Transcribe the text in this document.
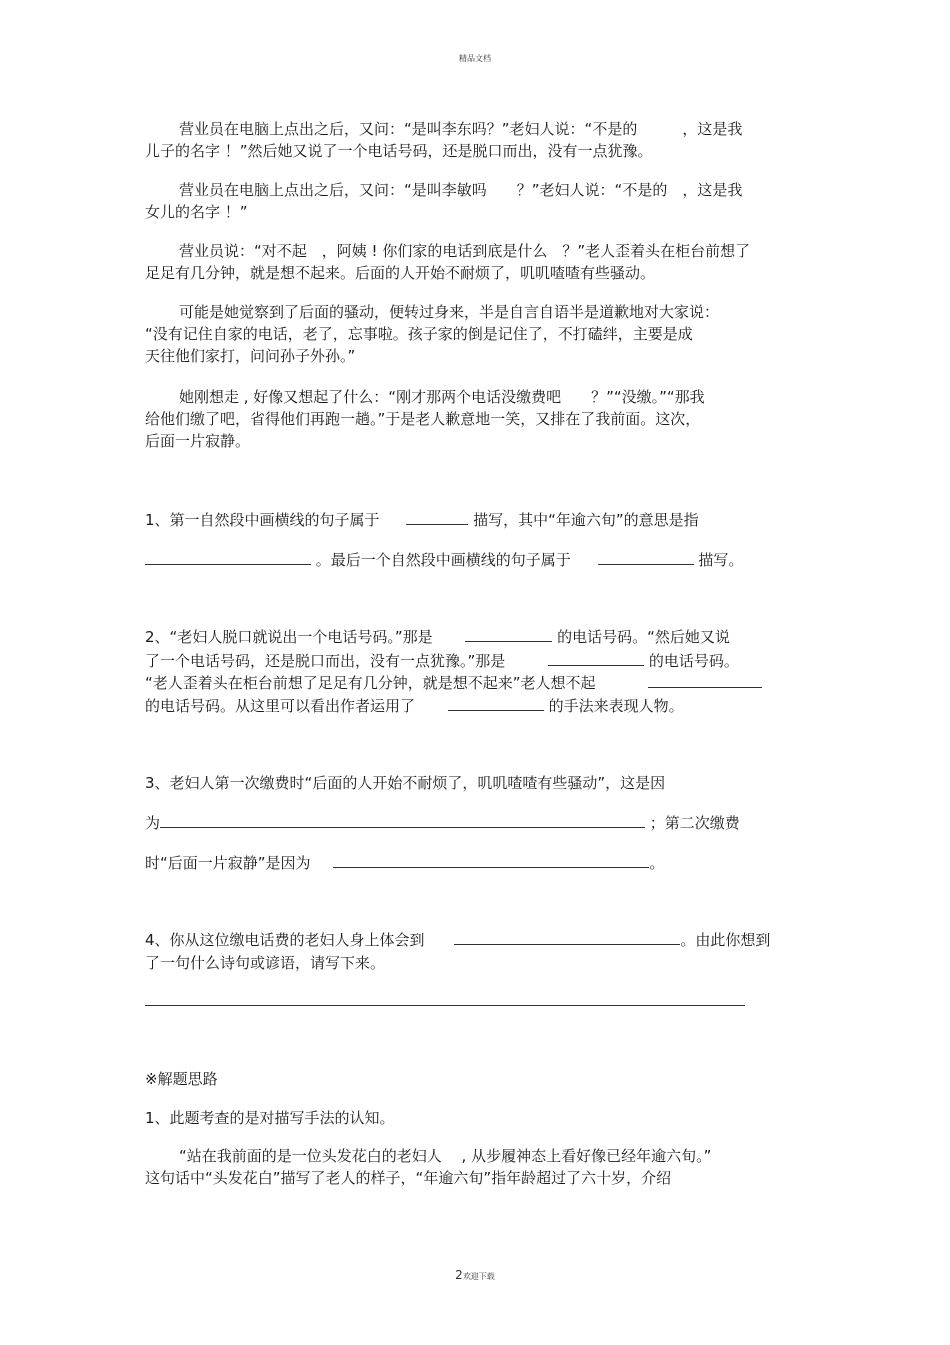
精品文档
营业员在电脑上点出之后，又问：“是叫李东吗？”老妇人说：“不是的　　　，这是我
儿子的名字 ！”然后她又说了一个电话号码，还是脱口而出，没有一点犹豫。
营业员在电脑上点出之后，又问：“是叫李敏吗　　？”老妇人说：“不是的　，这是我
女儿的名字 ！”
营业员说：“对不起　，阿姨 ! 你们家的电话到底是什么　？”老人歪着头在柜台前想了
足足有几分钟，就是想不起来。后面的人开始不耐烦了，叽叽喳喳有些骚动。
可能是她觉察到了后面的骚动，便转过身来，半是自言自语半是道歉地对大家说：
“没有记住自家的电话，老了，忘事啦。孩子家的倒是记住了，不打磕绊，主要是成
天往他们家打，问问孙子外孙。”
她刚想走 , 好像又想起了什么：“刚才那两个电话没缴费吧　　？”“没缴。”“那我
给他们缴了吧，省得他们再跑一趟。”于是老人歉意地一笑，又排在了我前面。这次，
后面一片寂静。
1、第一自然段中画横线的句子属于	描写，其中“年逾六旬”的意思是指
。最后一个自然段中画横线的句子属于	描写。
2、“老妇人脱口就说出一个电话号码。”那是	的电话号码。“然后她又说
了一个电话号码，还是脱口而出，没有一点犹豫。”那是	的电话号码。
“老人歪着头在柜台前想了足足有几分钟，就是想不起来”老人想不起
的电话号码。从这里可以看出作者运用了	的手法来表现人物。
3、老妇人第一次缴费时“后面的人开始不耐烦了，叽叽喳喳有些骚动”，这是因
为	；第二次缴费
时“后面一片寂静”是因为	。
4、你从这位缴电话费的老妇人身上体会到	。由此你想到
了一句什么诗句或谚语，请写下来。
※解题思路
1、此题考查的是对描写手法的认知。
“站在我前面的是一位头发花白的老妇人　 , 从步履神态上看好像已经年逾六旬。”
这句话中“头发花白”描写了老人的样子，“年逾六旬”指年龄超过了六十岁，介绍
2欢迎下载
